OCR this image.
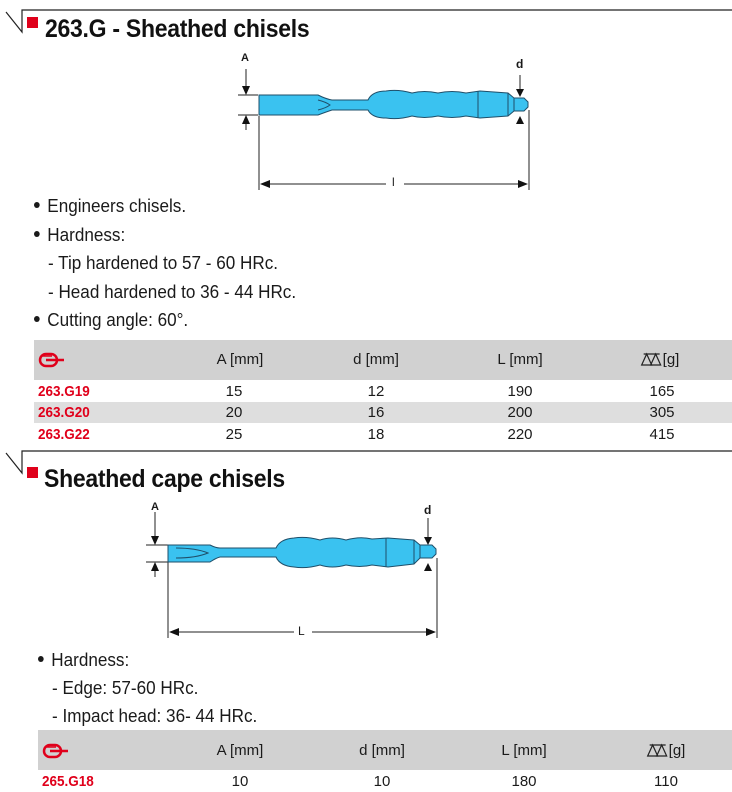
263.G - Sheathed chisels
A	d
l
Engineers chisels.
Hardness:
- Tip hardened to 57 - 60 HRc.
- Head hardened to 36 - 44 HRc.
Cutting angle: 60°.
A [mm]	d [mm]	L [mm]	[g]
263.G19	15	12	190	165
263.G20	20	16	200	305
263.G22	25	18	220	415
Sheathed cape chisels
A	d
L
Hardness:
- Edge: 57-60 HRc.
- Impact head: 36- 44 HRc.
A [mm]	d [mm]	L [mm]	[g]
265.G18	10	10	180	110
